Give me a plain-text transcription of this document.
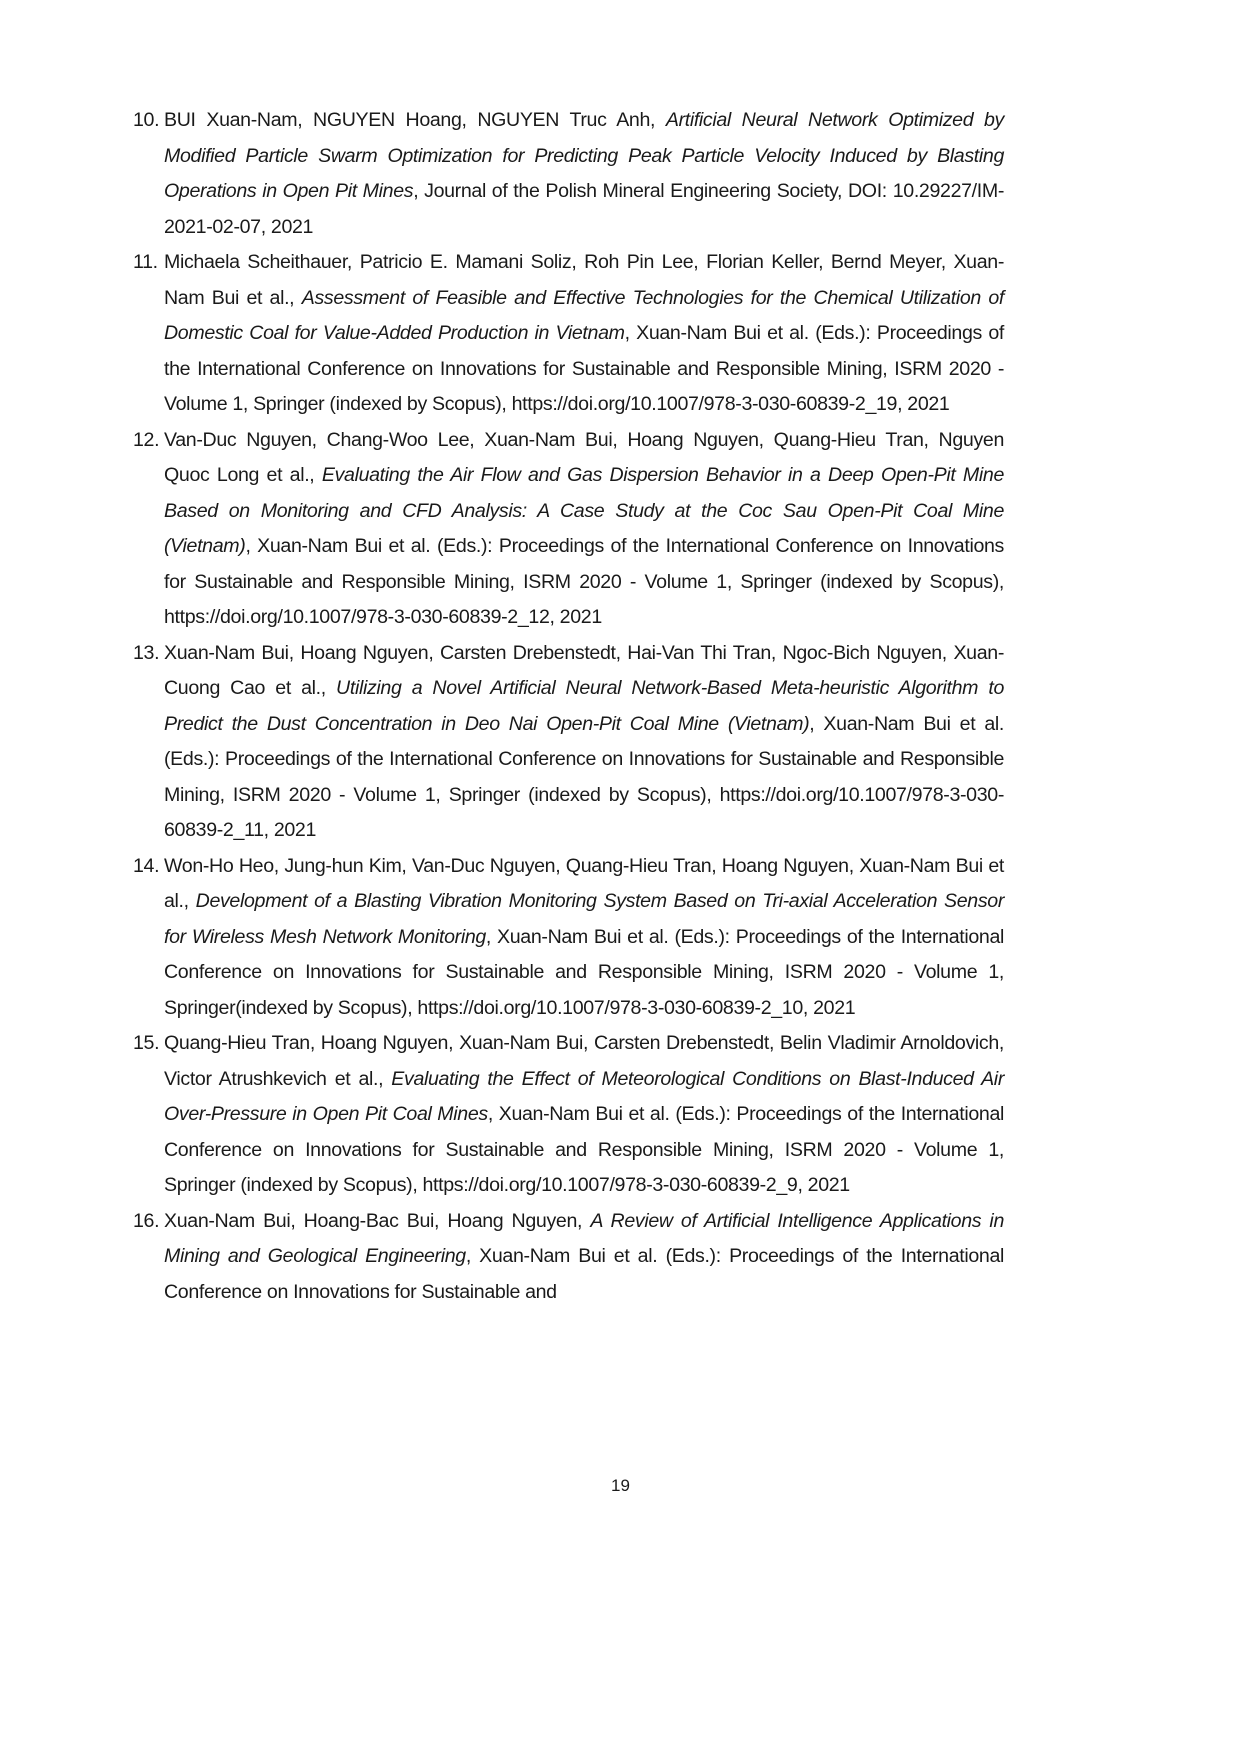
10. BUI Xuan-Nam, NGUYEN Hoang, NGUYEN Truc Anh, Artificial Neural Network Optimized by Modified Particle Swarm Optimization for Predicting Peak Particle Velocity Induced by Blasting Operations in Open Pit Mines, Journal of the Polish Mineral Engineering Society, DOI: 10.29227/IM-2021-02-07, 2021
11. Michaela Scheithauer, Patricio E. Mamani Soliz, Roh Pin Lee, Florian Keller, Bernd Meyer, Xuan-Nam Bui et al., Assessment of Feasible and Effective Technologies for the Chemical Utilization of Domestic Coal for Value-Added Production in Vietnam, Xuan-Nam Bui et al. (Eds.): Proceedings of the International Conference on Innovations for Sustainable and Responsible Mining, ISRM 2020 - Volume 1, Springer (indexed by Scopus), https://doi.org/10.1007/978-3-030-60839-2_19, 2021
12. Van-Duc Nguyen, Chang-Woo Lee, Xuan-Nam Bui, Hoang Nguyen, Quang-Hieu Tran, Nguyen Quoc Long et al., Evaluating the Air Flow and Gas Dispersion Behavior in a Deep Open-Pit Mine Based on Monitoring and CFD Analysis: A Case Study at the Coc Sau Open-Pit Coal Mine (Vietnam), Xuan-Nam Bui et al. (Eds.): Proceedings of the International Conference on Innovations for Sustainable and Responsible Mining, ISRM 2020 - Volume 1, Springer (indexed by Scopus), https://doi.org/10.1007/978-3-030-60839-2_12, 2021
13. Xuan-Nam Bui, Hoang Nguyen, Carsten Drebenstedt, Hai-Van Thi Tran, Ngoc-Bich Nguyen, Xuan-Cuong Cao et al., Utilizing a Novel Artificial Neural Network-Based Meta-heuristic Algorithm to Predict the Dust Concentration in Deo Nai Open-Pit Coal Mine (Vietnam), Xuan-Nam Bui et al. (Eds.): Proceedings of the International Conference on Innovations for Sustainable and Responsible Mining, ISRM 2020 - Volume 1, Springer (indexed by Scopus), https://doi.org/10.1007/978-3-030-60839-2_11, 2021
14. Won-Ho Heo, Jung-hun Kim, Van-Duc Nguyen, Quang-Hieu Tran, Hoang Nguyen, Xuan-Nam Bui et al., Development of a Blasting Vibration Monitoring System Based on Tri-axial Acceleration Sensor for Wireless Mesh Network Monitoring, Xuan-Nam Bui et al. (Eds.): Proceedings of the International Conference on Innovations for Sustainable and Responsible Mining, ISRM 2020 - Volume 1, Springer(indexed by Scopus), https://doi.org/10.1007/978-3-030-60839-2_10, 2021
15. Quang-Hieu Tran, Hoang Nguyen, Xuan-Nam Bui, Carsten Drebenstedt, Belin Vladimir Arnoldovich, Victor Atrushkevich et al., Evaluating the Effect of Meteorological Conditions on Blast-Induced Air Over-Pressure in Open Pit Coal Mines, Xuan-Nam Bui et al. (Eds.): Proceedings of the International Conference on Innovations for Sustainable and Responsible Mining, ISRM 2020 - Volume 1, Springer (indexed by Scopus), https://doi.org/10.1007/978-3-030-60839-2_9, 2021
16. Xuan-Nam Bui, Hoang-Bac Bui, Hoang Nguyen, A Review of Artificial Intelligence Applications in Mining and Geological Engineering, Xuan-Nam Bui et al. (Eds.): Proceedings of the International Conference on Innovations for Sustainable and
19
